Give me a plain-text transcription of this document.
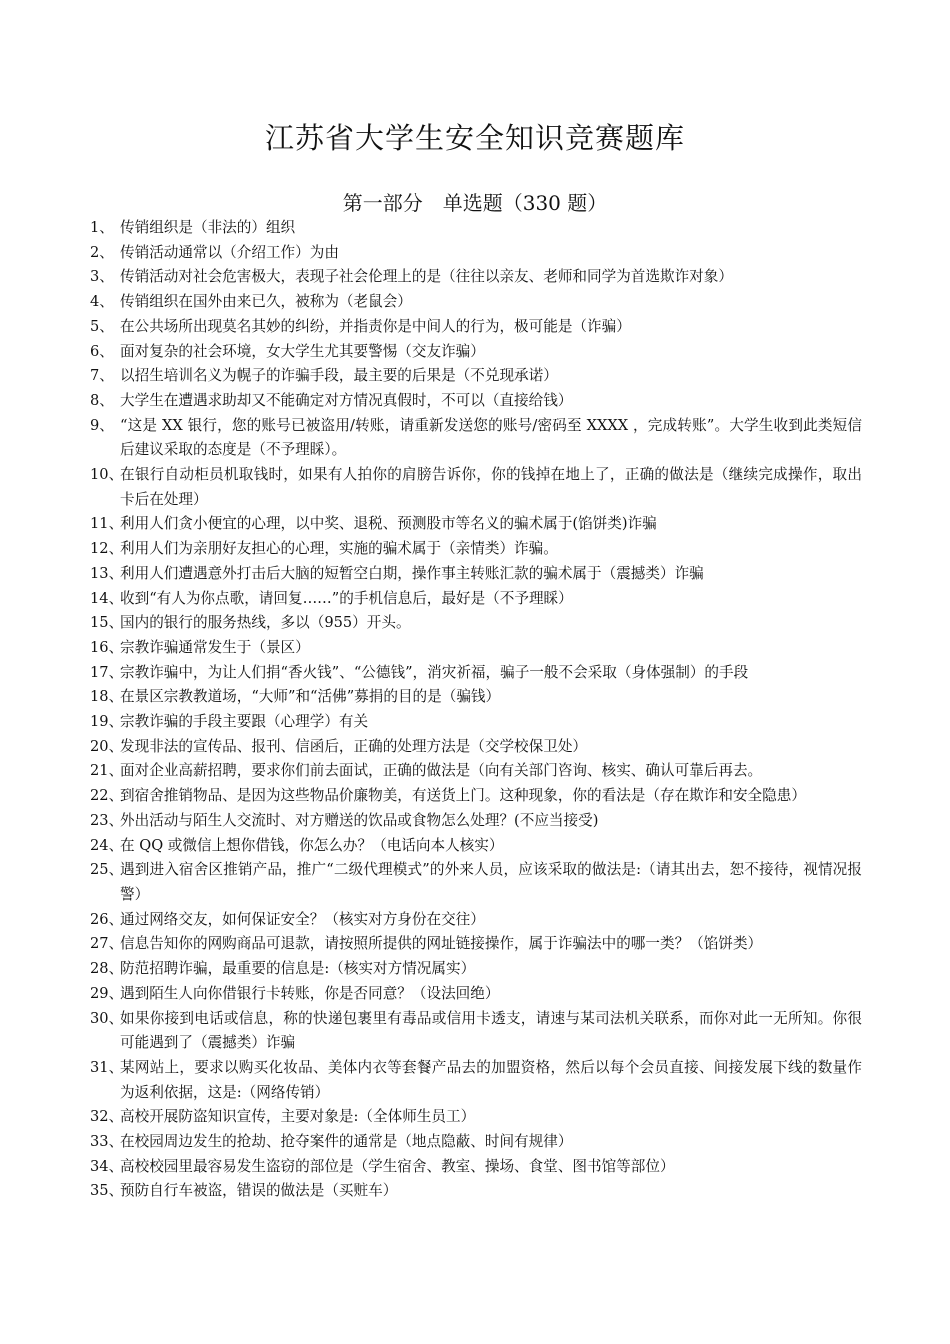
江苏省大学生安全知识竞赛题库
第一部分　单选题（330 题）
1、 传销组织是（非法的）组织
2、 传销活动通常以（介绍工作）为由
3、 传销活动对社会危害极大，表现子社会伦理上的是（往往以亲友、老师和同学为首选欺诈对象）
4、 传销组织在国外由来已久，被称为（老鼠会）
5、 在公共场所出现莫名其妙的纠纷，并指责你是中间人的行为，极可能是（诈骗）
6、 面对复杂的社会环境，女大学生尤其要警惕（交友诈骗）
7、 以招生培训名义为幌子的诈骗手段，最主要的后果是（不兑现承诺）
8、 大学生在遭遇求助却又不能确定对方情况真假时，不可以（直接给钱）
9、 “这是 XX 银行，您的账号已被盗用/转账，请重新发送您的账号/密码至 XXXX ，完成转账”。大学生收到此类短信后建议采取的态度是（不予理睬）。
10、
在银行自动柜员机取钱时，如果有人拍你的肩膀告诉你，你的钱掉在地上了，正确的做法是（继续完成操作，取出卡后在处理）
11、
利用人们贪小便宜的心理，以中奖、退税、预测股市等名义的骗术属于(馅饼类)诈骗
12、
利用人们为亲朋好友担心的心理，实施的骗术属于（亲情类）诈骗。
13、
利用人们遭遇意外打击后大脑的短暂空白期，操作事主转账汇款的骗术属于（震撼类）诈骗
14、
收到“有人为你点歌，请回复……”的手机信息后，最好是（不予理睬）
15、
国内的银行的服务热线，多以（955）开头。
16、
宗教诈骗通常发生于（景区）
17、
宗教诈骗中，为让人们捐“香火钱”、“公德钱”，消灾祈福，骗子一般不会采取（身体强制）的手段
18、
在景区宗教教道场，“大师”和“活佛”募捐的目的是（骗钱）
19、
宗教诈骗的手段主要跟（心理学）有关
20、
发现非法的宣传品、报刊、信函后，正确的处理方法是（交学校保卫处）
21、
面对企业高薪招聘，要求你们前去面试，正确的做法是（向有关部门咨询、核实、确认可靠后再去。
22、
到宿舍推销物品、是因为这些物品价廉物美，有送货上门。这种现象，你的看法是（存在欺诈和安全隐患）
23、
外出活动与陌生人交流时、对方赠送的饮品或食物怎么处理？(不应当接受)
24、
在 QQ 或微信上想你借钱，你怎么办？（电话向本人核实）
25、
遇到进入宿舍区推销产品，推广“二级代理模式”的外来人员，应该采取的做法是:（请其出去，恕不接待，视情况报警）
26、
通过网络交友，如何保证安全？（核实对方身份在交往）
27、
信息告知你的网购商品可退款，请按照所提供的网址链接操作，属于诈骗法中的哪一类？（馅饼类）
28、
防范招聘诈骗，最重要的信息是:（核实对方情况属实）
29、
遇到陌生人向你借银行卡转账，你是否同意？（设法回绝）
30、
如果你接到电话或信息，称的快递包裹里有毒品或信用卡透支，请速与某司法机关联系，而你对此一无所知。你很可能遇到了（震撼类）诈骗
31、
某网站上，要求以购买化妆品、美体内衣等套餐产品去的加盟资格，然后以每个会员直接、间接发展下线的数量作为返利依据，这是:（网络传销）
32、
高校开展防盗知识宣传，主要对象是:（全体师生员工）
33、
在校园周边发生的抢劫、抢夺案件的通常是（地点隐蔽、时间有规律）
34、
高校校园里最容易发生盗窃的部位是（学生宿舍、教室、操场、食堂、图书馆等部位）
35、
预防自行车被盗，错误的做法是（买赃车）
